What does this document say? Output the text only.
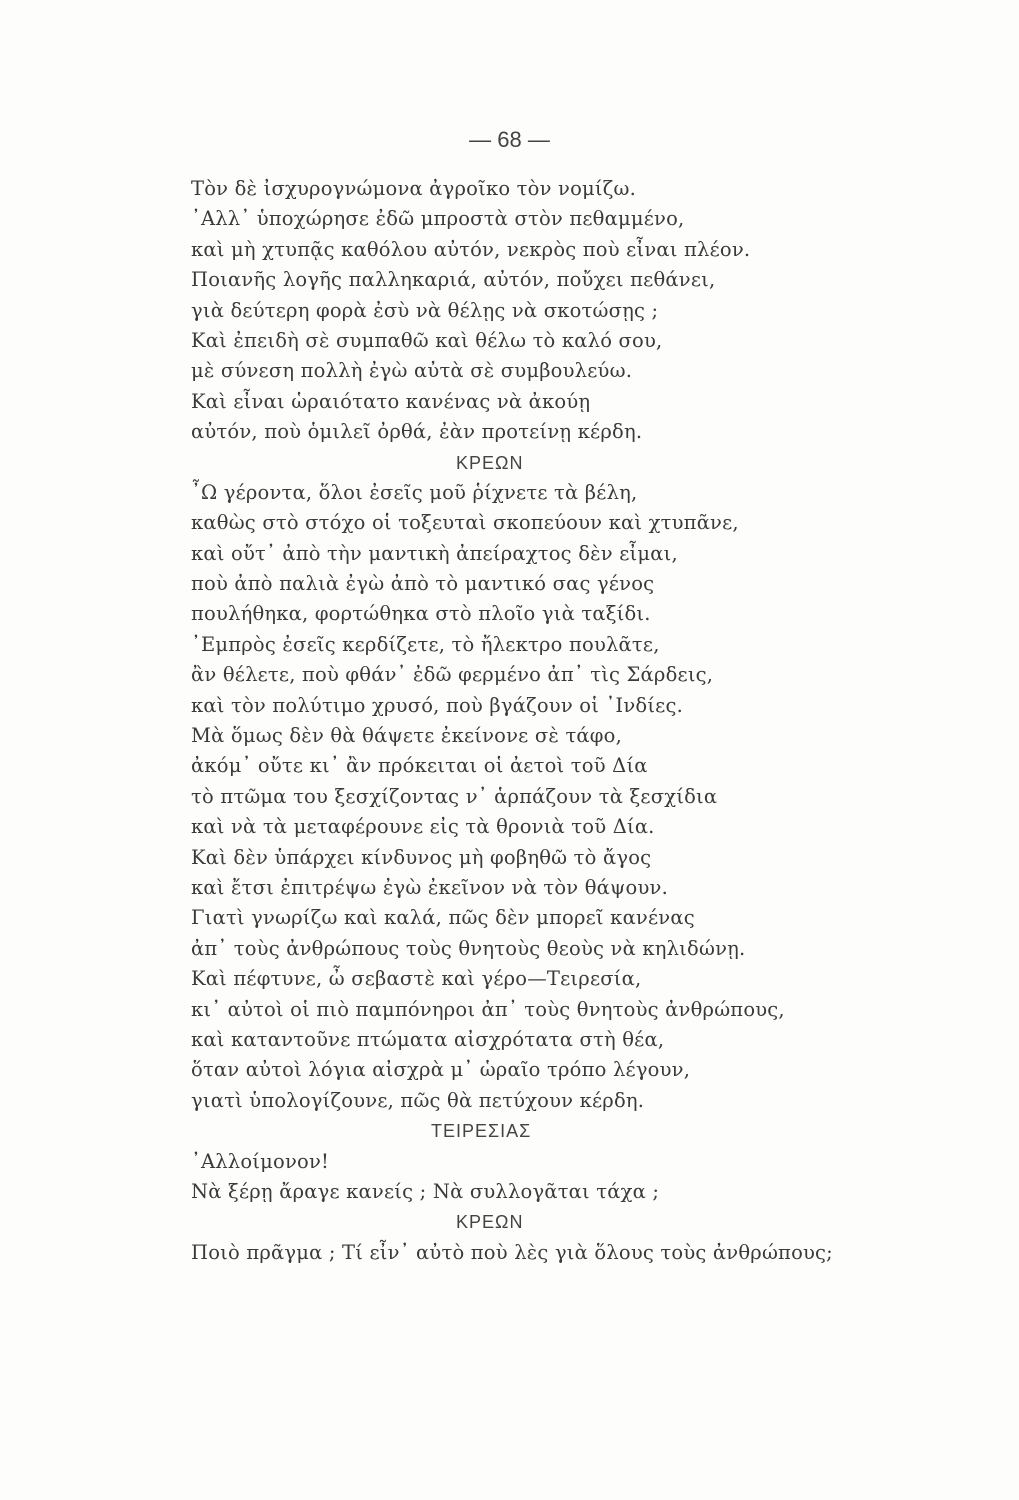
— 68 —
Τὸν δὲ ἰσχυρογνώμονα ἀγροῖκο τὸν νομίζω.
᾿Αλλ᾿ ὑποχώρησε ἐδῶ μπροστὰ στὸν πεθαμμένο,
καὶ μὴ χτυπᾷς καθόλου αὐτόν, νεκρὸς ποὺ εἶναι πλέον.
Ποιανῆς λογῆς παλληκαριά, αὐτόν, ποὔχει πεθάνει,
γιὰ δεύτερη φορὰ ἐσὺ νὰ θέλῃς νὰ σκοτώσῃς ;
Καὶ ἐπειδὴ σὲ συμπαθῶ καὶ θέλω τὸ καλό σου,
μὲ σύνεση πολλὴ ἐγὼ αὐτὰ σὲ συμβουλεύω.
Καὶ εἶναι ὡραιότατο κανένας νὰ ἀκούῃ
αὐτόν, ποὺ ὁμιλεῖ ὀρθά, ἐὰν προτείνῃ κέρδη.
ΚΡΕΩΝ
῏Ω γέροντα, ὅλοι ἐσεῖς μοῦ ῥίχνετε τὰ βέλη,
καθὼς στὸ στόχο οἱ τοξευταὶ σκοπεύουν καὶ χτυπᾶνε,
καὶ οὔτ᾿ ἀπὸ τὴν μαντικὴ ἀπείραχτος δὲν εἶμαι,
ποὺ ἀπὸ παλιὰ ἐγὼ ἀπὸ τὸ μαντικό σας γένος
πουλήθηκα, φορτώθηκα στὸ πλοῖο γιὰ ταξίδι.
᾿Εμπρὸς ἐσεῖς κερδίζετε, τὸ ἤλεκτρο πουλᾶτε,
ἂν θέλετε, ποὺ φθάν᾿ ἐδῶ φερμένο ἀπ᾿ τὶς Σάρδεις,
καὶ τὸν πολύτιμο χρυσό, ποὺ βγάζουν οἱ ᾿Ινδίες.
Μὰ ὅμως δὲν θὰ θάψετε ἐκείνονε σὲ τάφο,
ἀκόμ᾿ οὔτε κι᾿ ἂν πρόκειται οἱ ἀετοὶ τοῦ Δία
τὸ πτῶμα του ξεσχίζοντας ν᾿ ἁρπάζουν τὰ ξεσχίδια
καὶ νὰ τὰ μεταφέρουνε εἰς τὰ θρονιὰ τοῦ Δία.
Καὶ δὲν ὑπάρχει κίνδυνος μὴ φοβηθῶ τὸ ἄγος
καὶ ἔτσι ἐπιτρέψω ἐγὼ ἐκεῖνον νὰ τὸν θάψουν.
Γιατὶ γνωρίζω καὶ καλά, πῶς δὲν μπορεῖ κανένας
ἀπ᾿ τοὺς ἀνθρώπους τοὺς θνητοὺς θεοὺς νὰ κηλιδώνῃ.
Καὶ πέφτυνε, ὦ σεβαστὲ καὶ γέρο—Τειρεσία,
κι᾿ αὐτοὶ οἱ πιὸ παμπόνηροι ἀπ᾿ τοὺς θνητοὺς ἀνθρώπους,
καὶ καταντοῦνε πτώματα αἰσχρότατα στὴ θέα,
ὅταν αὐτοὶ λόγια αἰσχρὰ μ᾿ ὡραῖο τρόπο λέγουν,
γιατὶ ὑπολογίζουνε, πῶς θὰ πετύχουν κέρδη.
ΤΕΙΡΕΣΙΑΣ
᾿Αλλοίμονον!
Νὰ ξέρῃ ἄραγε κανείς ; Νὰ συλλογᾶται τάχα ;
ΚΡΕΩΝ
Ποιὸ πρᾶγμα ; Τί εἶν᾿ αὐτὸ ποὺ λὲς γιὰ ὅλους τοὺς ἀνθρώπους;
